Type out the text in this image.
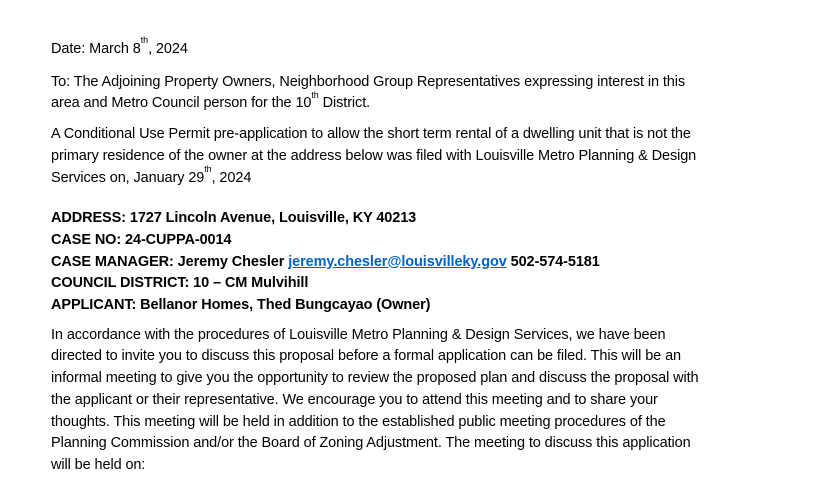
Date: March 8th, 2024

To: The Adjoining Property Owners, Neighborhood Group Representatives expressing interest in this
area and Metro Council person for the 10th District.

A Conditional Use Permit pre-application to allow the short term rental of a dwelling unit that is not the
primary residence of the owner at the address below was filed with Louisville Metro Planning & Design
Services on, January 29th, 2024

ADDRESS: 1727 Lincoln Avenue, Louisville, KY 40213
CASE NO: 24-CUPPA-0014
CASE MANAGER: Jeremy Chesler jeremy.chesler@louisvilleky.gov 502-574-5181
COUNCIL DISTRICT: 10 – CM Mulvihill
APPLICANT: Bellanor Homes, Thed Bungcayao (Owner)

In accordance with the procedures of Louisville Metro Planning & Design Services, we have been
directed to invite you to discuss this proposal before a formal application can be filed. This will be an
informal meeting to give you the opportunity to review the proposed plan and discuss the proposal with
the applicant or their representative. We encourage you to attend this meeting and to share your
thoughts. This meeting will be held in addition to the established public meeting procedures of the
Planning Commission and/or the Board of Zoning Adjustment. The meeting to discuss this application
will be held on:
